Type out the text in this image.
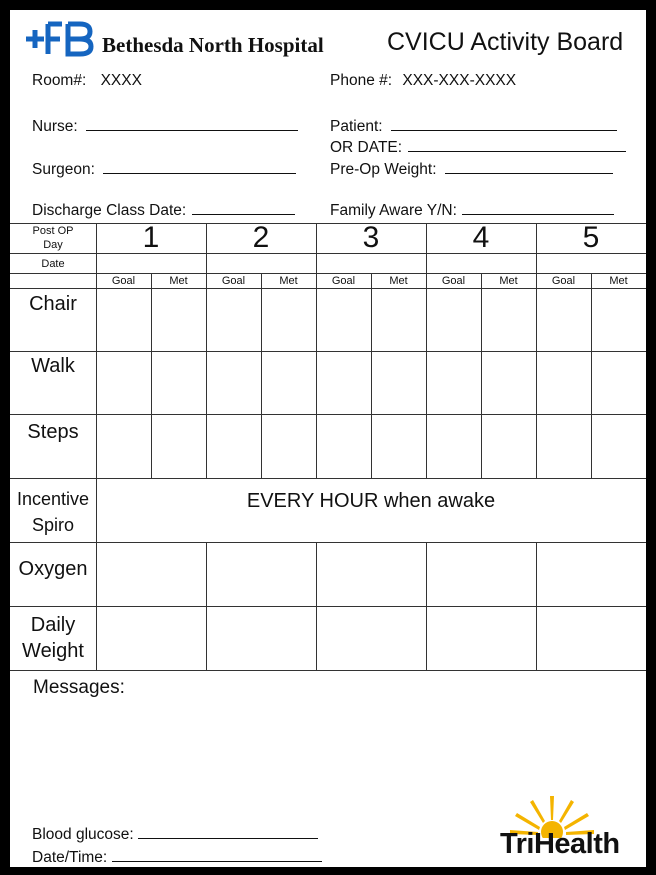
Bethesda North Hospital	CVICU Activity Board
Room#: XXXX	Phone #: XXX-XXX-XXXX
Nurse:	Patient:
OR DATE:
Surgeon:	Pre-Op Weight:
Discharge Class Date:	Family Aware Y/N:
Post OP
Day
Date
1	2	3	4	5
Goal	Met	Goal	Met	Goal	Met	Goal	Met	Goal	Met
Chair
Walk
Steps
Incentive
Spiro
EVERY HOUR when awake
Oxygen
Daily
Weight
Messages:
Blood glucose:
Date/Time:	TriHealth
